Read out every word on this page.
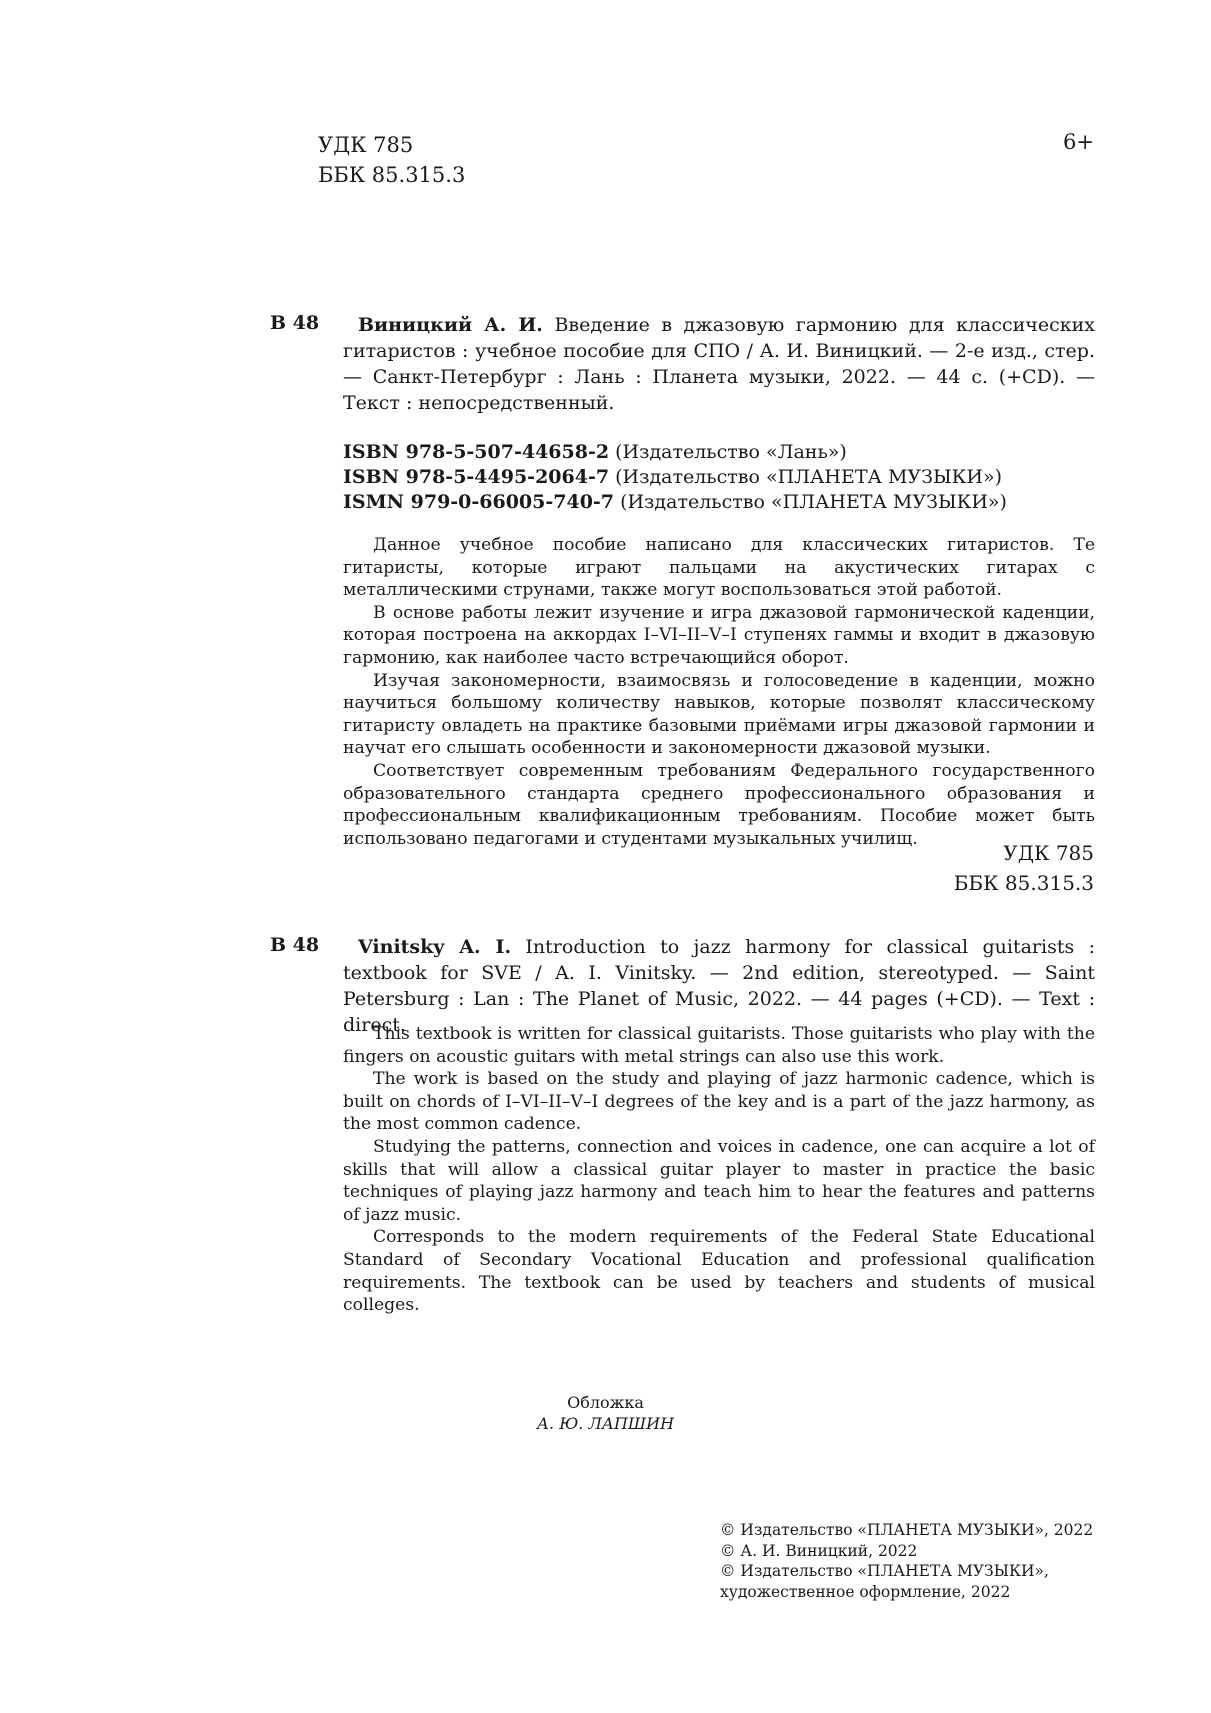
УДК 785
ББК 85.315.3
6+
В 48	Виницкий А. И. Введение в джазовую гармонию для классических гитаристов : учебное пособие для СПО / А. И. Виницкий. — 2-е изд., стер. — Санкт-Петербург : Лань : Планета музыки, 2022. — 44 с. (+CD). — Текст : непосредственный.
ISBN 978-5-507-44658-2 (Издательство «Лань»)
ISBN 978-5-4495-2064-7 (Издательство «ПЛАНЕТА МУЗЫКИ»)
ISMN 979-0-66005-740-7 (Издательство «ПЛАНЕТА МУЗЫКИ»)

Данное учебное пособие написано для классических гитаристов. Те гитаристы, которые играют пальцами на акустических гитарах с металлическими струнами, также могут воспользоваться этой работой.

В основе работы лежит изучение и игра джазовой гармонической каденции, которая построена на аккордах I–VI–II–V–I ступенях гаммы и входит в джазовую гармонию, как наиболее часто встречающийся оборот.

Изучая закономерности, взаимосвязь и голосоведение в каденции, можно научиться большому количеству навыков, которые позволят классическому гитаристу овладеть на практике базовыми приёмами игры джазовой гармонии и научат его слышать особенности и закономерности джазовой музыки.

Соответствует современным требованиям Федерального государственного образовательного стандарта среднего профессионального образования и профессиональным квалификационным требованиям. Пособие может быть использовано педагогами и студентами музыкальных училищ.

УДК 785
ББК 85.315.3
В 48	Vinitsky A. I. Introduction to jazz harmony for classical guitarists : textbook for SVE / A. I. Vinitsky. — 2nd edition, stereotyped. — Saint Petersburg : Lan : The Planet of Music, 2022. — 44 pages (+CD). — Text : direct.

This textbook is written for classical guitarists. Those guitarists who play with the fingers on acoustic guitars with metal strings can also use this work.

The work is based on the study and playing of jazz harmonic cadence, which is built on chords of I–VI–II–V–I degrees of the key and is a part of the jazz harmony, as the most common cadence.

Studying the patterns, connection and voices in cadence, one can acquire a lot of skills that will allow a classical guitar player to master in practice the basic techniques of playing jazz harmony and teach him to hear the features and patterns of jazz music.

Corresponds to the modern requirements of the Federal State Educational Standard of Secondary Vocational Education and professional qualification requirements. The textbook can be used by teachers and students of musical colleges.

Обложка
А. Ю. ЛАПШИН
© Издательство «ПЛАНЕТА МУЗЫКИ», 2022
© А. И. Виницкий, 2022
© Издательство «ПЛАНЕТА МУЗЫКИ», художественное оформление, 2022
